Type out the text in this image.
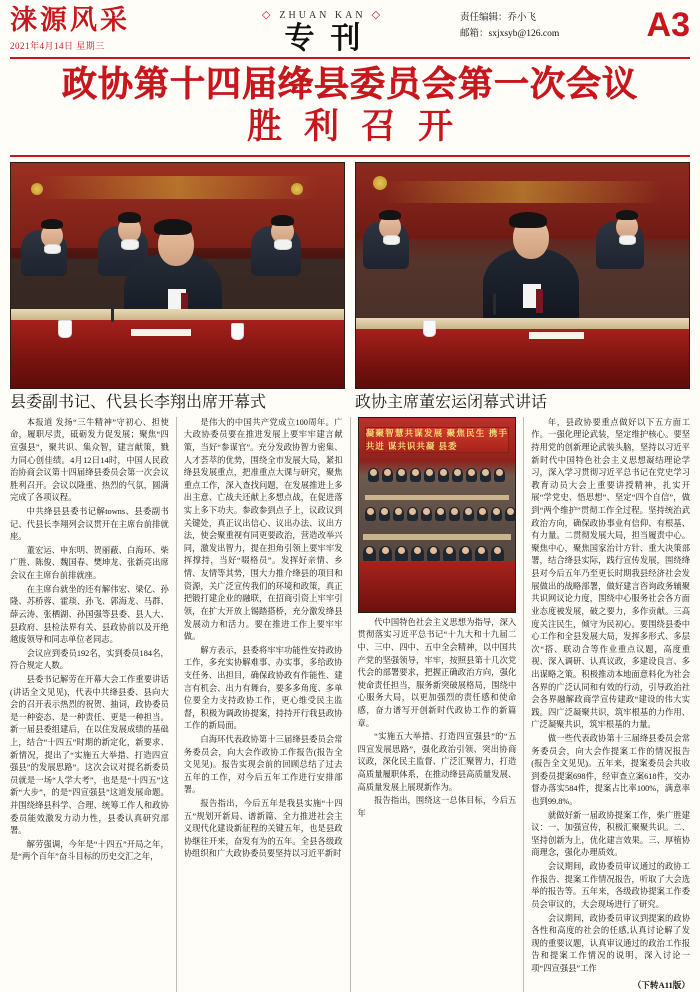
涞源风采
2021年4月14日 星期三
◇ ZHUAN KAN ◇
专刊
责任编辑：乔小飞
邮箱：sxjxsyb@126.com	A3
政协第十四届绛县委员会第一次会议
胜利召开
县委副书记、代县长李翔出席开幕式	政协主席董宏运闭幕式讲话

本报道 发扬“三牛精神”守初心、担使命，履职尽责，砥砺发力促发展；聚焦“四宣强县”，聚共识、集众智，建言献策，戮力同心创佳绩。4月12日14时，中国人民政治协商会议第十四届绛县委员会第一次会议胜利召开。会议以隆重、热烈的气氛，圆满完成了各项议程。

中共绛县县委书记解towns、县委副书记、代县长李翔列会议贯开在主席台前排就座。

董宏运、申东明、贺丽蔽、白海环、柴广胜、陈俊、魏国春、樊坤龙、张新亮出席会议在主席台前排就座。

在主席台就坐的还有解伟宏、梁亿、孙隆、苏桥蓉、霍琰、孙飞、郭海龙、马群、薛云涛、张栖湖、孙国强等县委、县人大、县政府、县检法界有关、县政协前以及开绝越废领导和同志单位老同志。

会议应到委员192名，实到委员184名，符合规定人数。

县委书记解劳在开幕大会工作重要讲话(讲话全文见见)，代表中共绛县委、县向大会的召开表示热烈的祝贺、抽词，政协委员是一种姿态、是一种责任、更是一种担当。新一届县委组建后，在以住发展成绩的基础上，结合“十四五”时期的新定化，新要求、新情况，提出了“实施五大举措、打造四宣强县”的发展思路”。这次会议对提名新委员员就是一场“人学大考”，也是是“十四五”这新“大步”，的是“四宣强县”这道发展命题。并围绕绛县科学、合理、统筹工作人和政协委员能效激发力动力性，县委认真研究部署。

解劳强调，今年是“十四五”开局之年，是“两个百年”奋斗目标的历史交汇之年，

是伟大的中国共产党成立100周年。广大政协委员要在推进发展上要牢牢建言献策，当好“参谋官”。充分发政协智力密集、人才荟萃的优势，围绕全市发展大局，紧扣绛县发展重点，把准重点大课与研究，聚焦重点工作，深入查找问题，在发展推进上多出主意、亡战夫还献上多想点战，在促进落实上多下功夫。参政参到点子上，议政议到关键处，真正议出信心、议出办法、议出方法，使会聚重视有同更要政治，营造改举兴同，激发出智力，提在担角引领上要牢牢发挥撑持，当好“啜格员”。发挥好亲情、乡情、友情等其势，围大力推介绛县的项目和资源，关广泛宣传我们的环境和政策，真正把锻打建企业的融联，在招商引资上牢牢引领，在扩大开放上锡踏搭桥，充分激发绛县发展动力和活力。要在推进工作上要牢牢做。

解方表示，县委将牢牢功能性安持政协工作，多充实协解难事、办实事，多给政协支任务、出担目，确保政协政有作能性、建言有机会、出力有舞台，要多多角度、多单位要全力支持政协工作，更心维受民主监督，积极为调政协提案，持持开行我县政协工作的新局面。

白海环代表政协第十三届绛县委员会常务委员会，向大会作政协工作报告(报告全文见见)。报告实现会前的回顾总结了过去五年的工作，对今后五年工作进行安排部署。

报告指出，今后五年是我县实施“十四五”规划开新局、谱新篇、全力推进社会主义现代化建设新征程的关键五年，也是县政协继往开来，奋发有为的五年。全县各级政协组织和广大政协委员要坚持以习近平新时

凝聚智慧共谋发展 聚焦民生 携手共进 谋共识共凝 县委

代中国特色社会主义思想为指导，深入贯彻落实习近平总书记“十九大和十九届二中、三中、四中、五中全会精神，以中国共产党的坚强领导，牢牢，按照县第十几次党代会的部署要求，把握正确政治方向，强化使命责任担当，服务新突破展格局，围绕中心服务大局，以更加强烈的责任感和使命感，奋力谱写开创新时代政协工作的新篇章。

“实施五大举措、打造四宣强县”的“五四宣发展思路”，强化政治引领、突出协商议政，深化民主监督、广泛汇聚智力，打造高质量履职体系，在推动绛县高质量发展、高质量发展上展现新作为。

报告指出，围绕这一总体目标，今后五年

年，县政协要重点做好以下五方面工作。一强化理论武装，坚定维护核心。要坚持用党的创新理论武装头脑，坚持以习近平新时代中国特色社会主义思想凝结理论学习，深入学习贯彻习近平总书记在党史学习教育动员大会上重要讲授精神，扎实开展“学党史、悟思想”、坚定“四个自信”，做到“两个维护”贯彻工作全过程。坚持统治武政治方向，确保政协事业有信仰、有根基、有力量。二贯彻发展大局，担当履责中心。聚焦中心，聚焦国家治计方针、重大决策部署，结合绛县实际，践行宣传发展，围绕绛县对今后五年乃至更长时期我县经济社会发展做出的战略部署，做好建言咨询政务辅聚共识网议论力度，围绕中心服务社会各方面业态度被发展，破之要力，多作贡献。三高度关注民生，倾守为民初心。要围绕县委中心工作和全县发展大局，发挥多形式、多层次“搭、联动合等作业重点议题，高度重视、深入调研、认真议政，多建设良言、多出谋略之策。积极推动本地面意料化为社会各界的广泛认同和有效的行动，引导政治社会各界融解政商学宣传建政“建设的伟大实践。四广泛凝聚共识，筑牢根基的力作用、广泛凝聚共识，筑牢根基的力量。

做一些代表政协第十三届绛县委员会常务委员会，向大会作提案工作的情况报告(报告全文见见)。五年来，提案委员会共收到委员提案698件，经审查立案618件，交办督办落实584件，提案占比率100%，满意率也到99.8%。

就做好新一届政协提案工作，柴广胜建议：一、加强宣传，积极汇聚聚共识。二、坚持创新为上，优化建言效果。三、厚植协商理念，强化办理质效。

会议期间，政协委员审议通过的政协工作报告、提案工作情况报告，听取了大会选举的报告等。五年来，各级政协提案工作委员会审议的，大会现场进行了研究。

会议期间，政协委员审议到提案的政协各性和高度的社会的任感,认真讨论解了发现的重要议题，认真审议通过的政治工作报告和提案工作情况的说明，深入讨论一项“四宣强县”工作

（下转A11版）
